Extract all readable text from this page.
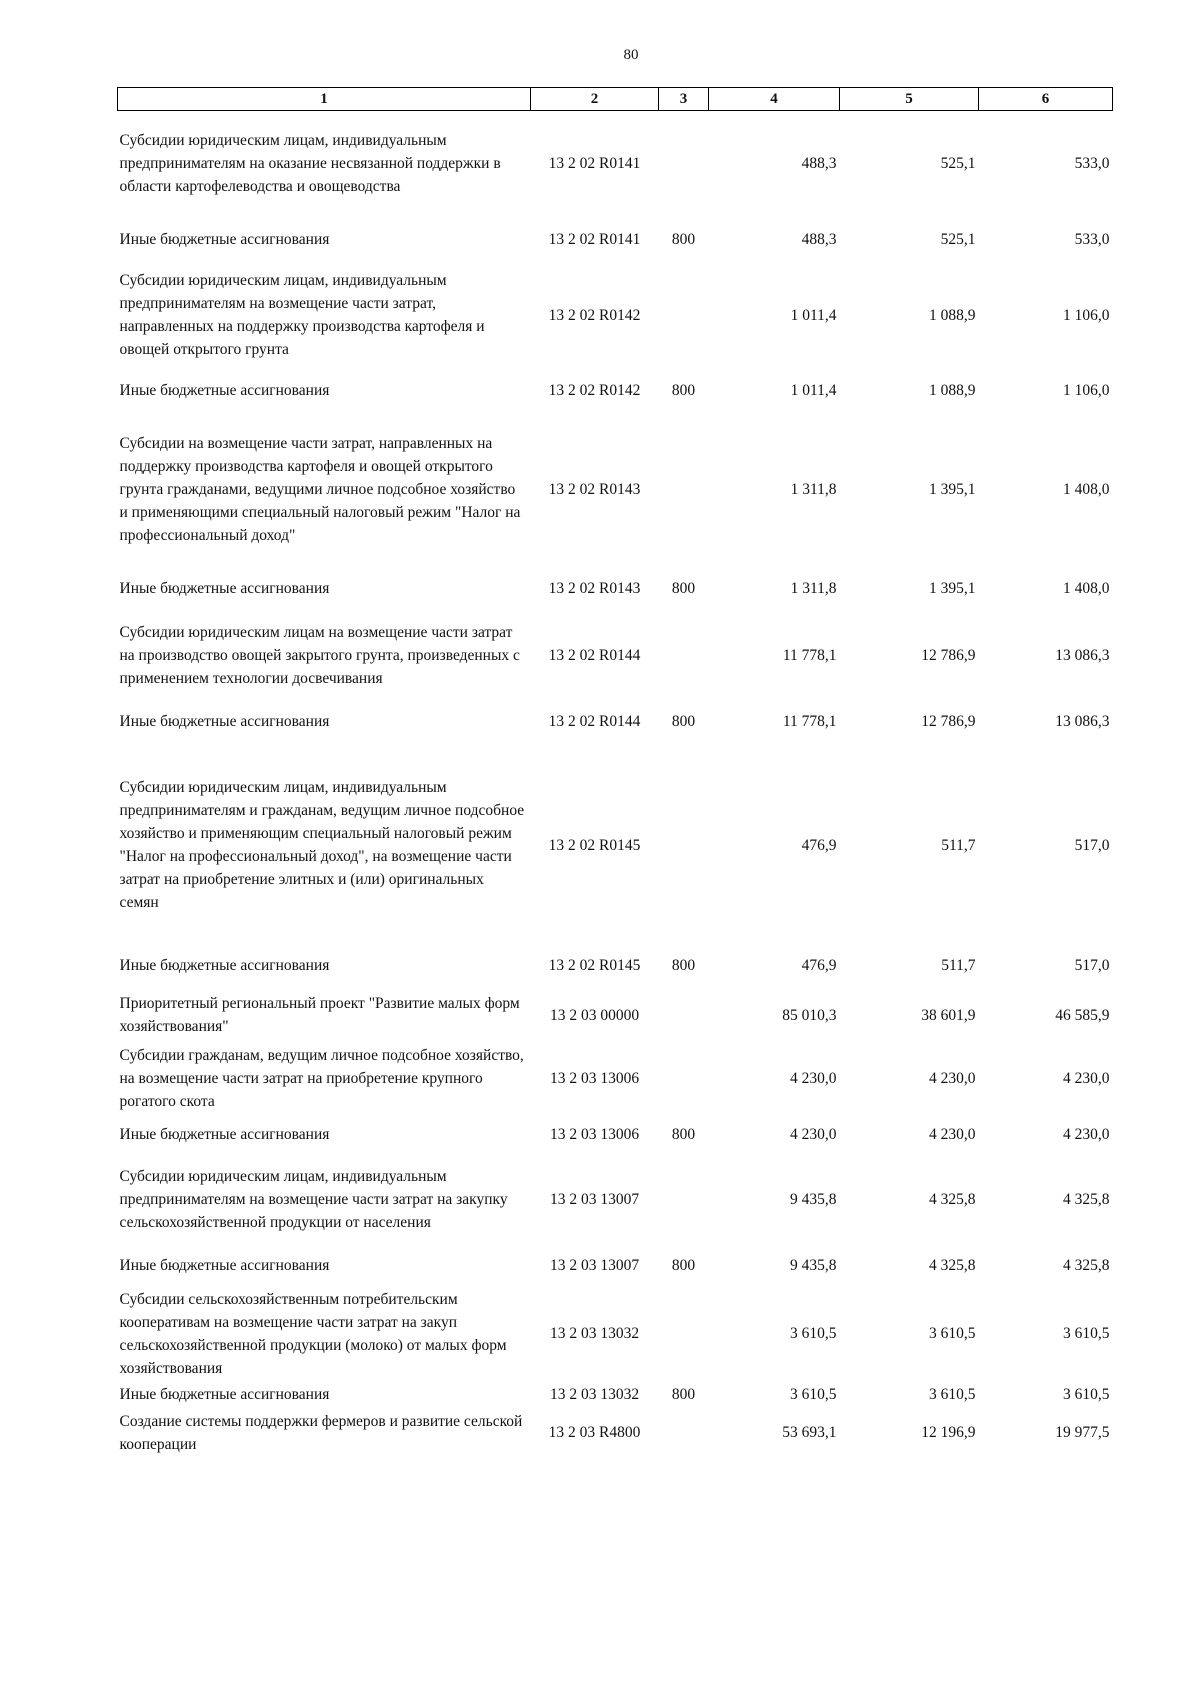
80
1	2	3	4	5	6
Субсидии юридическим лицам, индивидуальным предпринимателям на оказание несвязанной поддержки в области картофелеводства и овощеводства	13 2 02 R0141		488,3	525,1	533,0
Иные бюджетные ассигнования	13 2 02 R0141	800	488,3	525,1	533,0
Субсидии юридическим лицам, индивидуальным предпринимателям на возмещение части затрат, направленных на поддержку производства картофеля и овощей открытого грунта	13 2 02 R0142		1 011,4	1 088,9	1 106,0
Иные бюджетные ассигнования	13 2 02 R0142	800	1 011,4	1 088,9	1 106,0
Субсидии на возмещение части затрат, направленных на поддержку производства картофеля и овощей открытого грунта гражданами, ведущими личное подсобное хозяйство и применяющими специальный налоговый режим "Налог на профессиональный доход"	13 2 02 R0143		1 311,8	1 395,1	1 408,0
Иные бюджетные ассигнования	13 2 02 R0143	800	1 311,8	1 395,1	1 408,0
Субсидии юридическим лицам на возмещение части затрат на производство овощей закрытого грунта, произведенных с применением технологии досвечивания	13 2 02 R0144		11 778,1	12 786,9	13 086,3
Иные бюджетные ассигнования	13 2 02 R0144	800	11 778,1	12 786,9	13 086,3
Субсидии юридическим лицам, индивидуальным предпринимателям и гражданам, ведущим личное подсобное хозяйство и применяющим специальный налоговый режим "Налог на профессиональный доход", на возмещение части затрат на приобретение элитных и (или) оригинальных семян	13 2 02 R0145		476,9	511,7	517,0
Иные бюджетные ассигнования	13 2 02 R0145	800	476,9	511,7	517,0
Приоритетный региональный проект "Развитие малых форм хозяйствования"	13 2 03 00000		85 010,3	38 601,9	46 585,9
Субсидии гражданам, ведущим личное подсобное хозяйство, на возмещение части затрат на приобретение крупного рогатого скота	13 2 03 13006		4 230,0	4 230,0	4 230,0
Иные бюджетные ассигнования	13 2 03 13006	800	4 230,0	4 230,0	4 230,0
Субсидии юридическим лицам, индивидуальным предпринимателям на возмещение части затрат на закупку сельскохозяйственной продукции от населения	13 2 03 13007		9 435,8	4 325,8	4 325,8
Иные бюджетные ассигнования	13 2 03 13007	800	9 435,8	4 325,8	4 325,8
Субсидии сельскохозяйственным потребительским кооперативам на возмещение части затрат на закуп сельскохозяйственной продукции (молоко) от малых форм хозяйствования	13 2 03 13032		3 610,5	3 610,5	3 610,5
Иные бюджетные ассигнования	13 2 03 13032	800	3 610,5	3 610,5	3 610,5
Создание системы поддержки фермеров и развитие сельской кооперации	13 2 03 R4800		53 693,1	12 196,9	19 977,5
